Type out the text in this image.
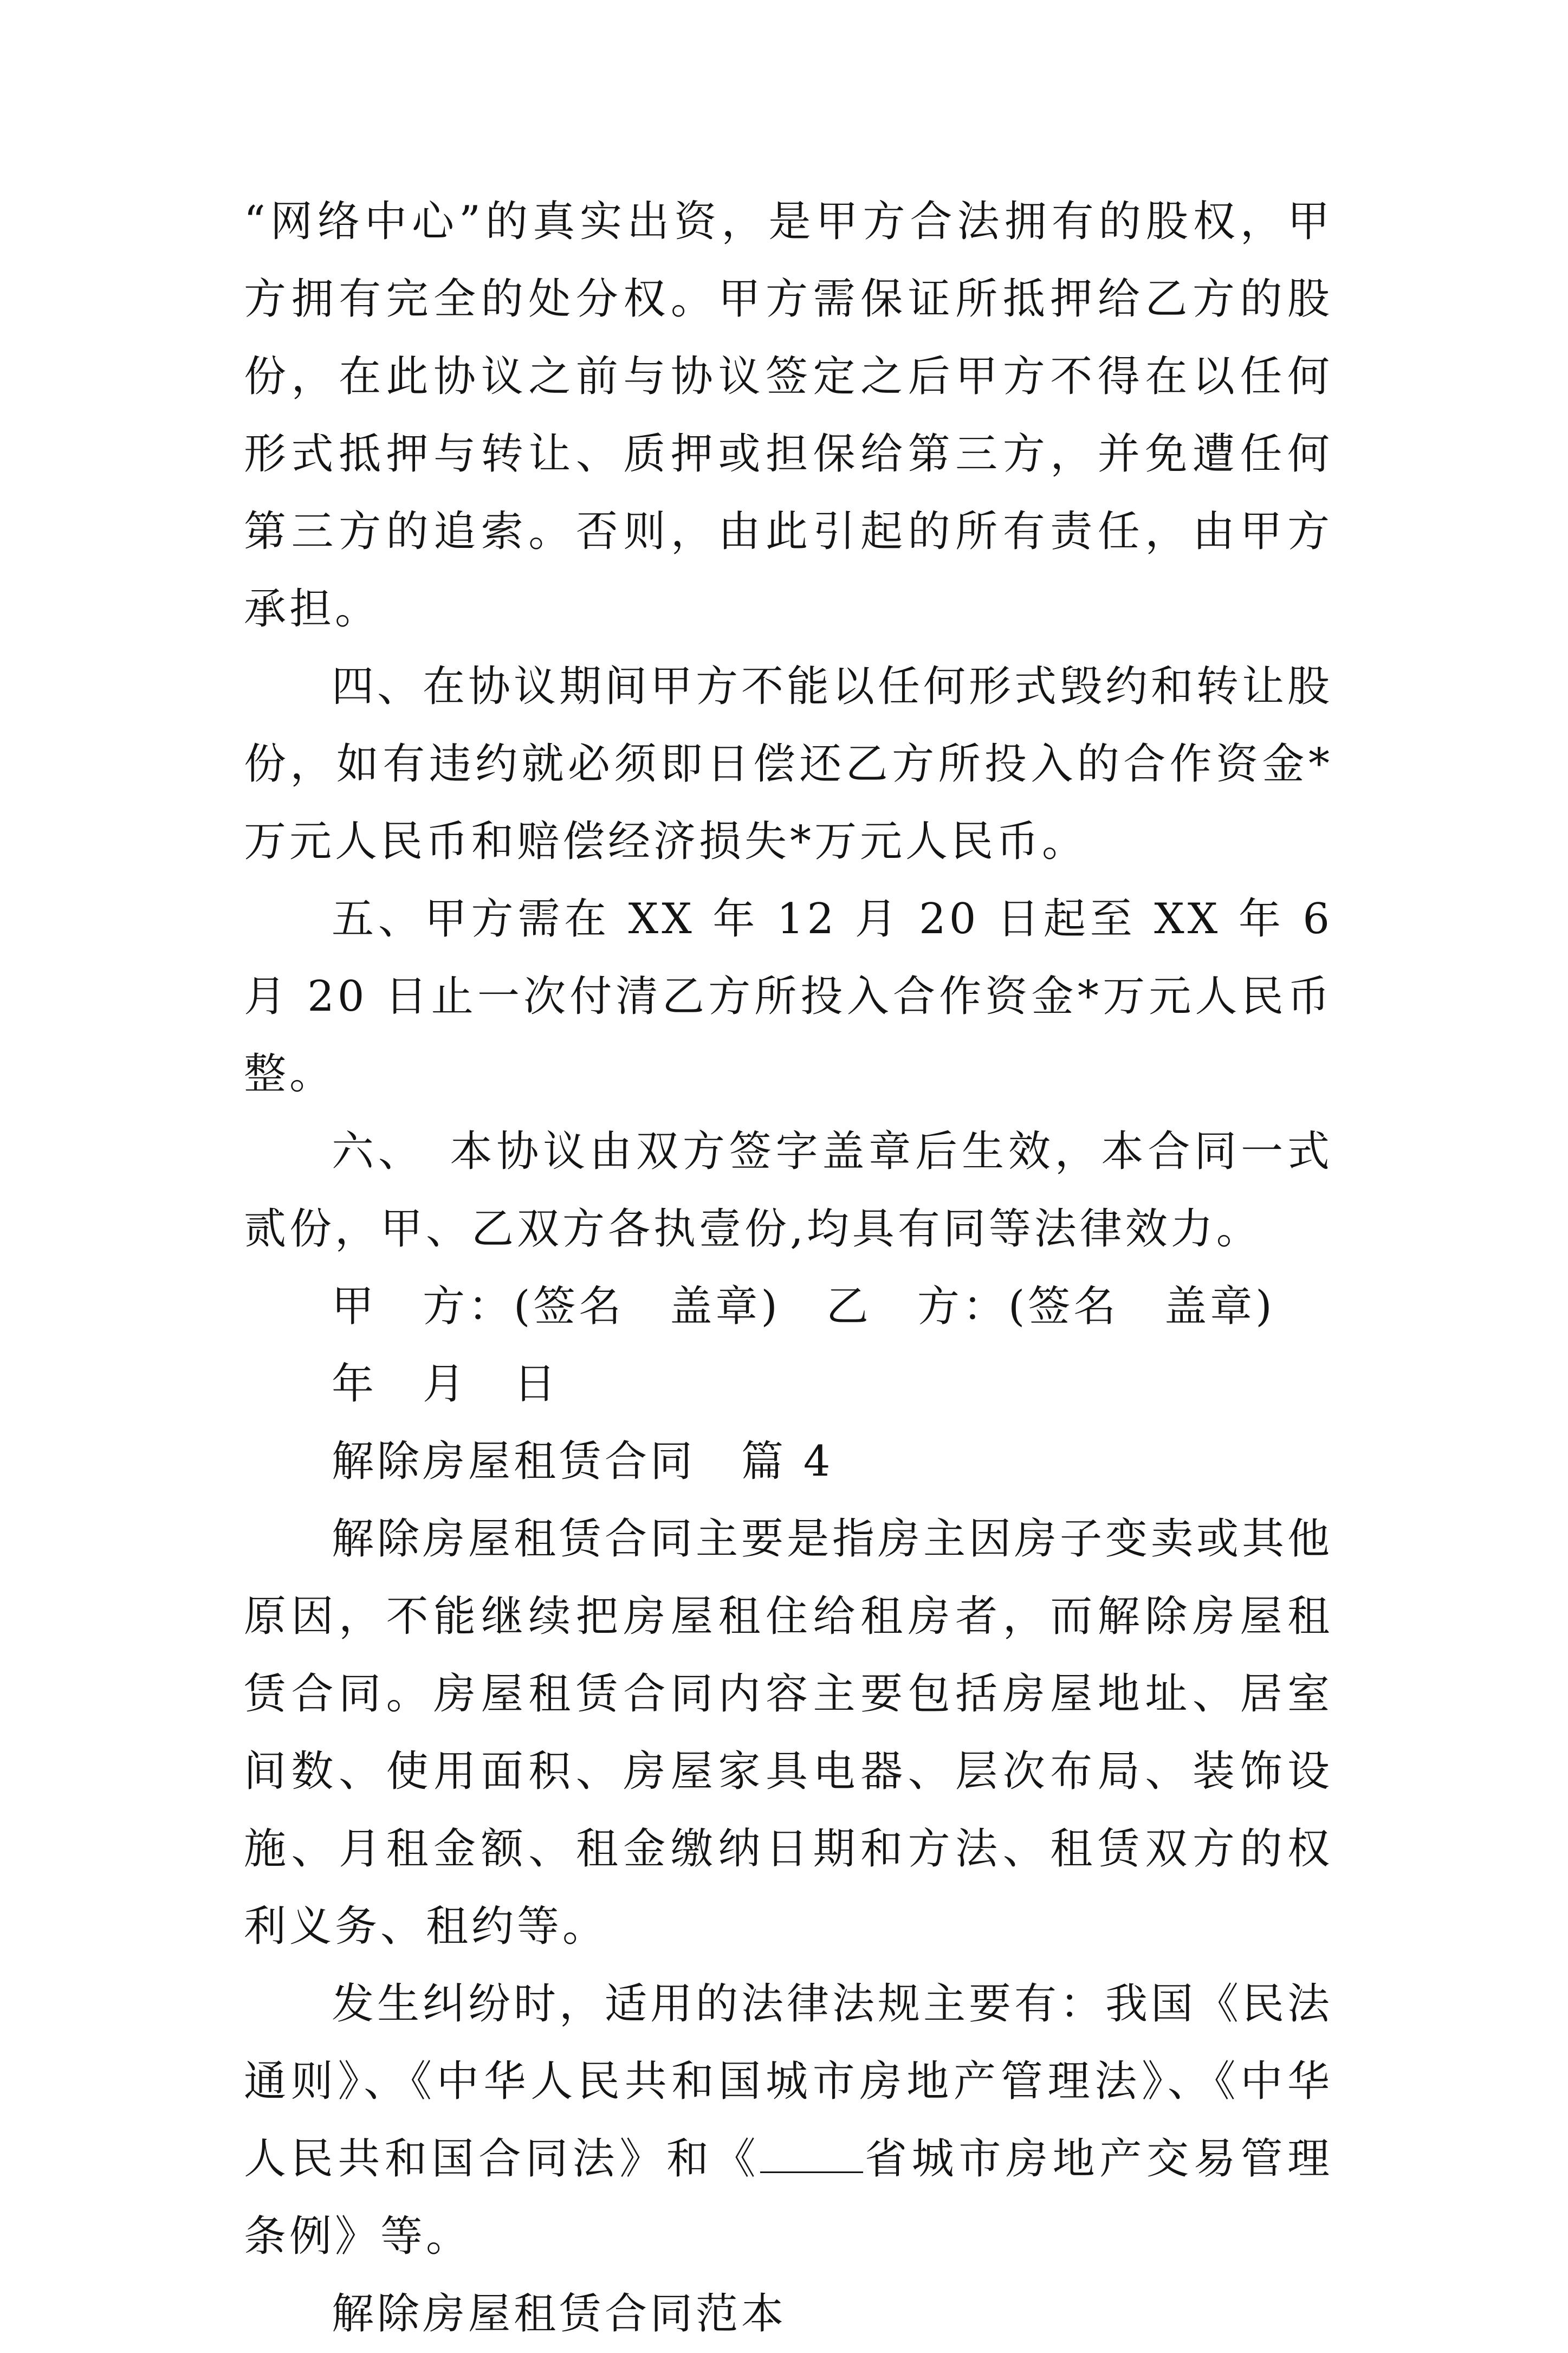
“网络中心”的真实出资，是甲方合法拥有的股权，甲方拥有完全的处分权。甲方需保证所抵押给乙方的股份，在此协议之前与协议签定之后甲方不得在以任何形式抵押与转让、质押或担保给第三方，并免遭任何第三方的追索。否则，由此引起的所有责任，由甲方承担。

四、在协议期间甲方不能以任何形式毁约和转让股份，如有违约就必须即日偿还乙方所投入的合作资金*万元人民币和赔偿经济损失*万元人民币。

五、甲方需在 XX 年 12 月 20 日起至 XX 年 6 月 20 日止一次付清乙方所投入合作资金*万元人民币整。

六、　本协议由双方签字盖章后生效，本合同一式贰份，甲、乙双方各执壹份,均具有同等法律效力。

甲　方：(签名　盖章)　乙　方：(签名　盖章)

年　月　日

解除房屋租赁合同　篇 4

解除房屋租赁合同主要是指房主因房子变卖或其他原因，不能继续把房屋租住给租房者，而解除房屋租赁合同。房屋租赁合同内容主要包括房屋地址、居室间数、使用面积、房屋家具电器、层次布局、装饰设施、月租金额、租金缴纳日期和方法、租赁双方的权利义务、租约等。

发生纠纷时，适用的法律法规主要有：我国《民法通则》、《中华人民共和国城市房地产管理法》、《中华人民共和国合同法》和《 省城市房地产交易管理条例》等。

解除房屋租赁合同范本
